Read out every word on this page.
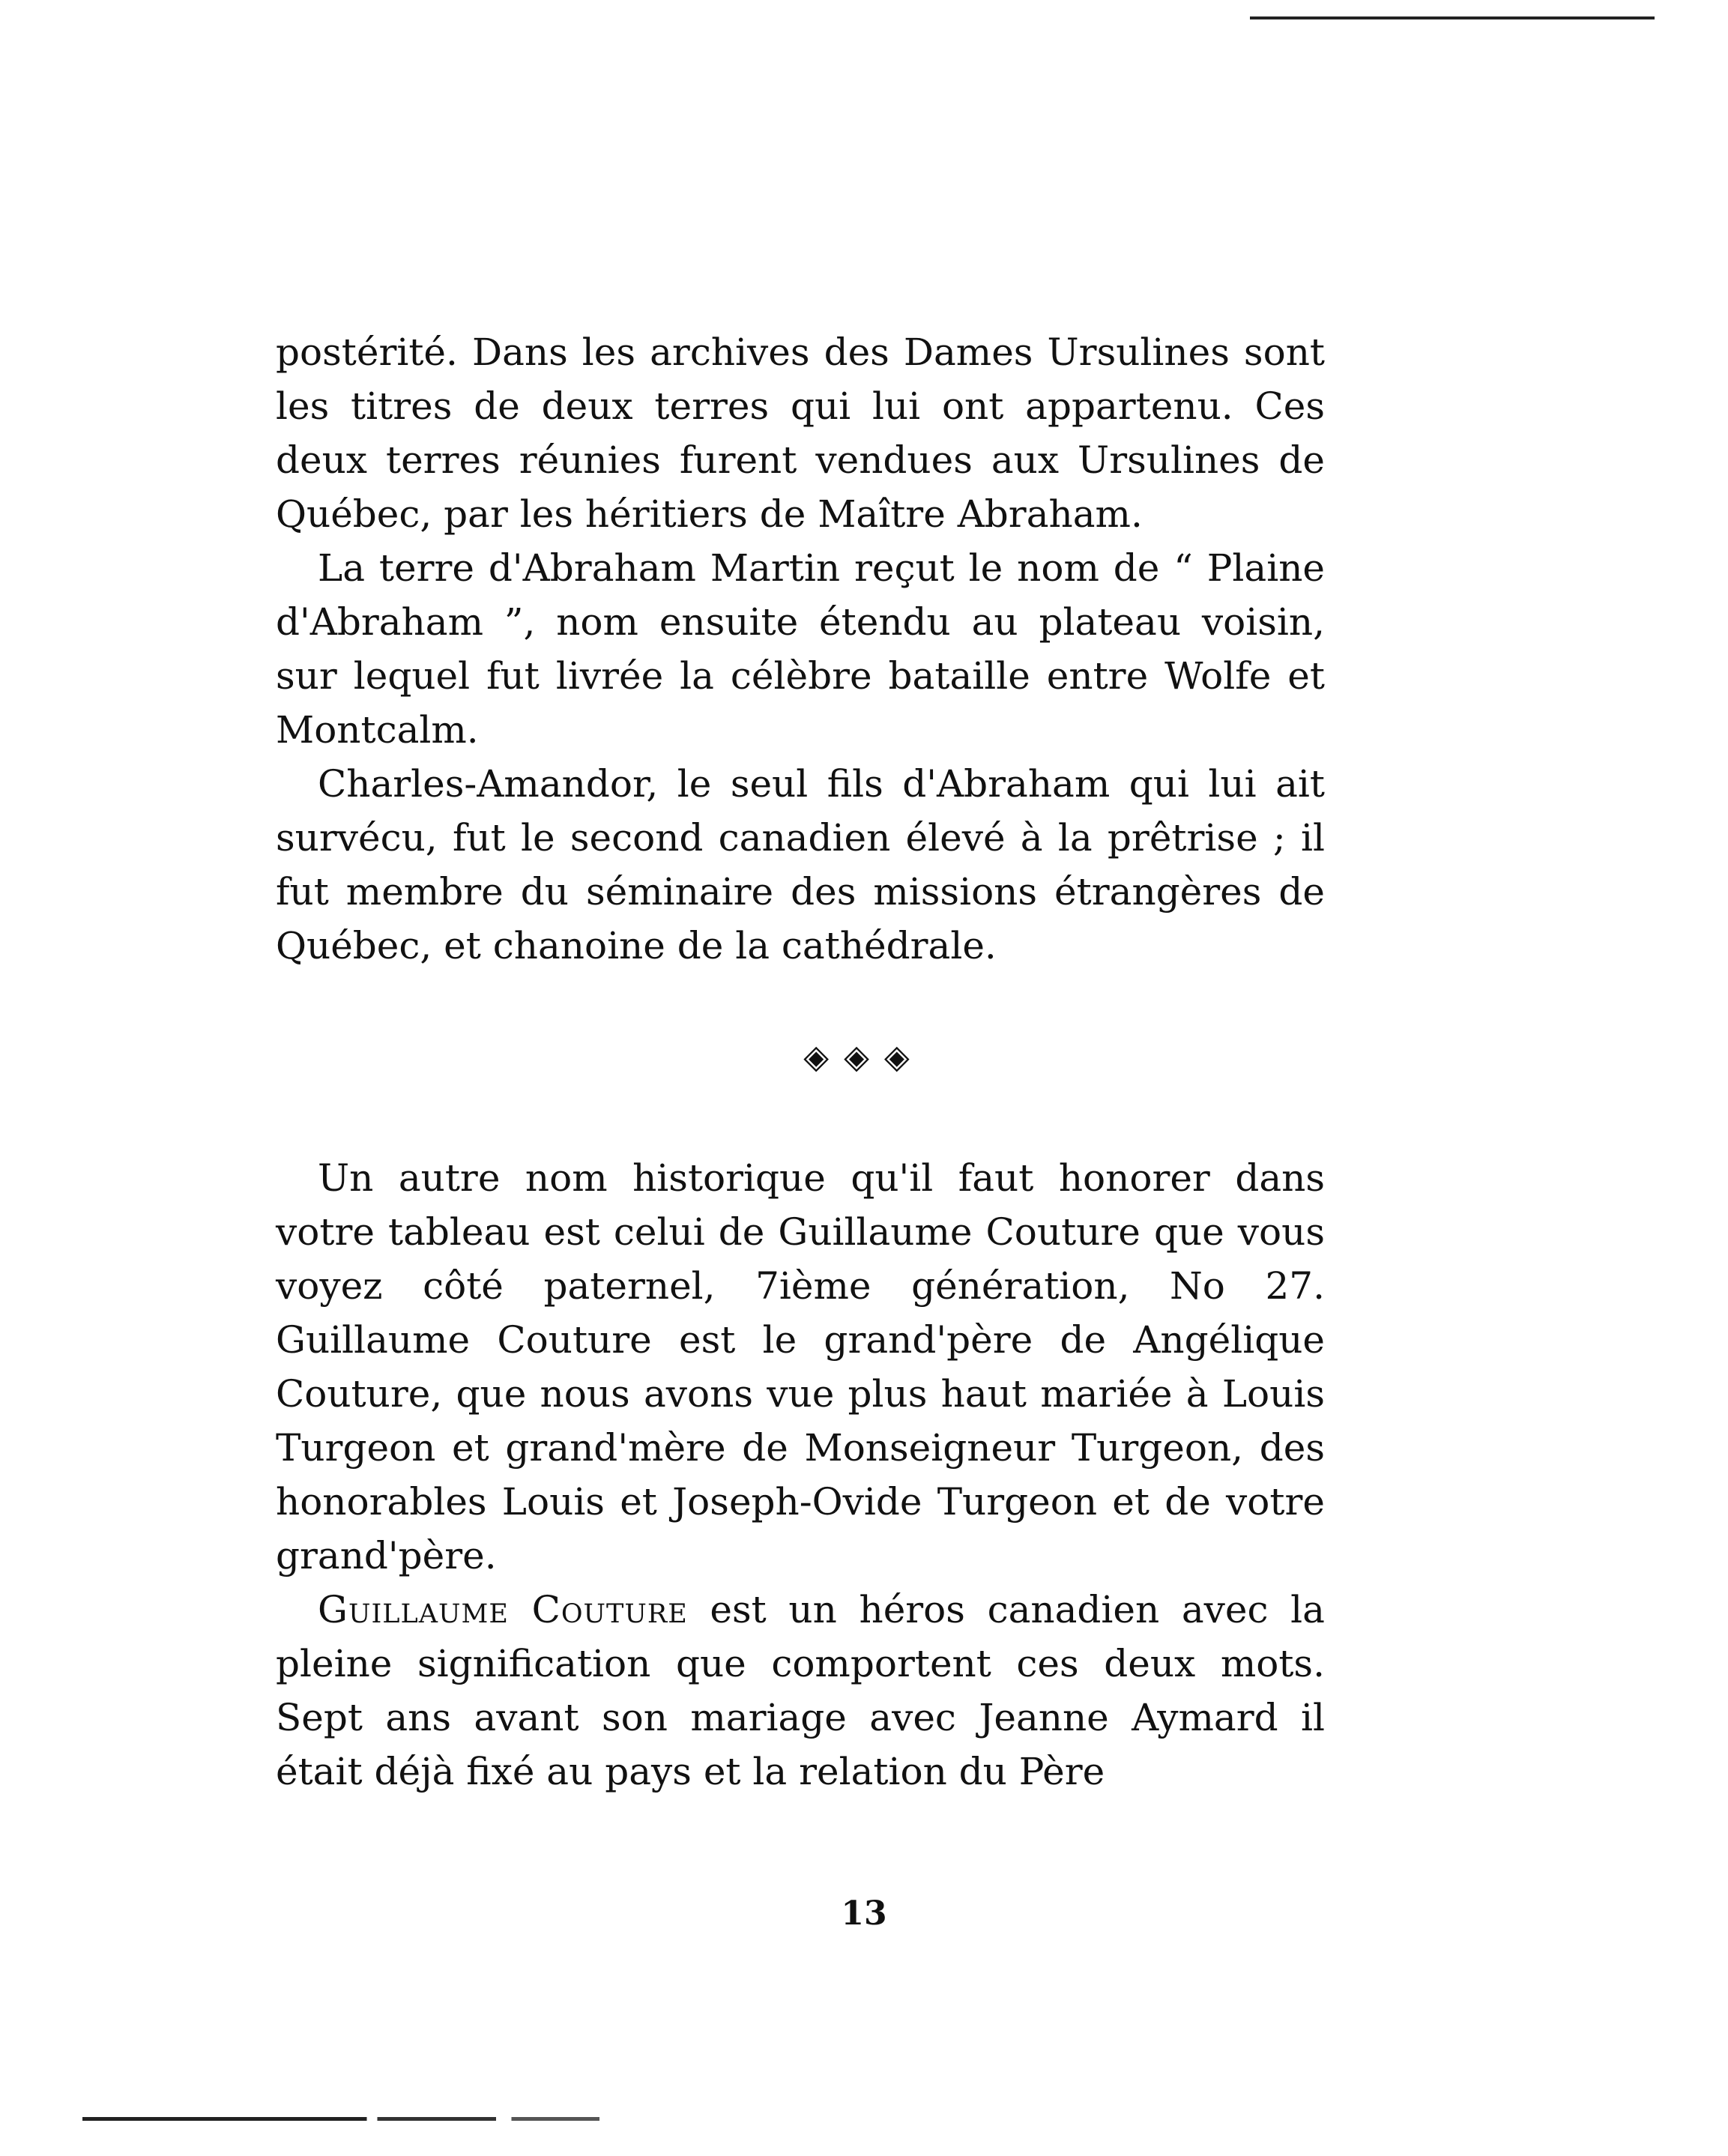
postérité. Dans les archives des Dames Ursulines sont les titres de deux terres qui lui ont appartenu. Ces deux terres réunies furent vendues aux Ursulines de Québec, par les héritiers de Maître Abraham.

La terre d'Abraham Martin reçut le nom de “ Plaine d'Abraham ”, nom ensuite étendu au plateau voisin, sur lequel fut livrée la célèbre bataille entre Wolfe et Montcalm.

Charles-Amandor, le seul fils d'Abraham qui lui ait survécu, fut le second canadien élevé à la prêtrise ; il fut membre du séminaire des missions étrangères de Québec, et chanoine de la cathédrale.

◈◈◈

Un autre nom historique qu'il faut honorer dans votre tableau est celui de Guillaume Couture que vous voyez côté paternel, 7ième génération, No 27. Guillaume Couture est le grand'père de Angélique Couture, que nous avons vue plus haut mariée à Louis Turgeon et grand'mère de Monseigneur Turgeon, des honorables Louis et Joseph-Ovide Turgeon et de votre grand'père.

Guillaume Couture est un héros canadien avec la pleine signification que comportent ces deux mots. Sept ans avant son mariage avec Jeanne Aymard il était déjà fixé au pays et la relation du Père

13
